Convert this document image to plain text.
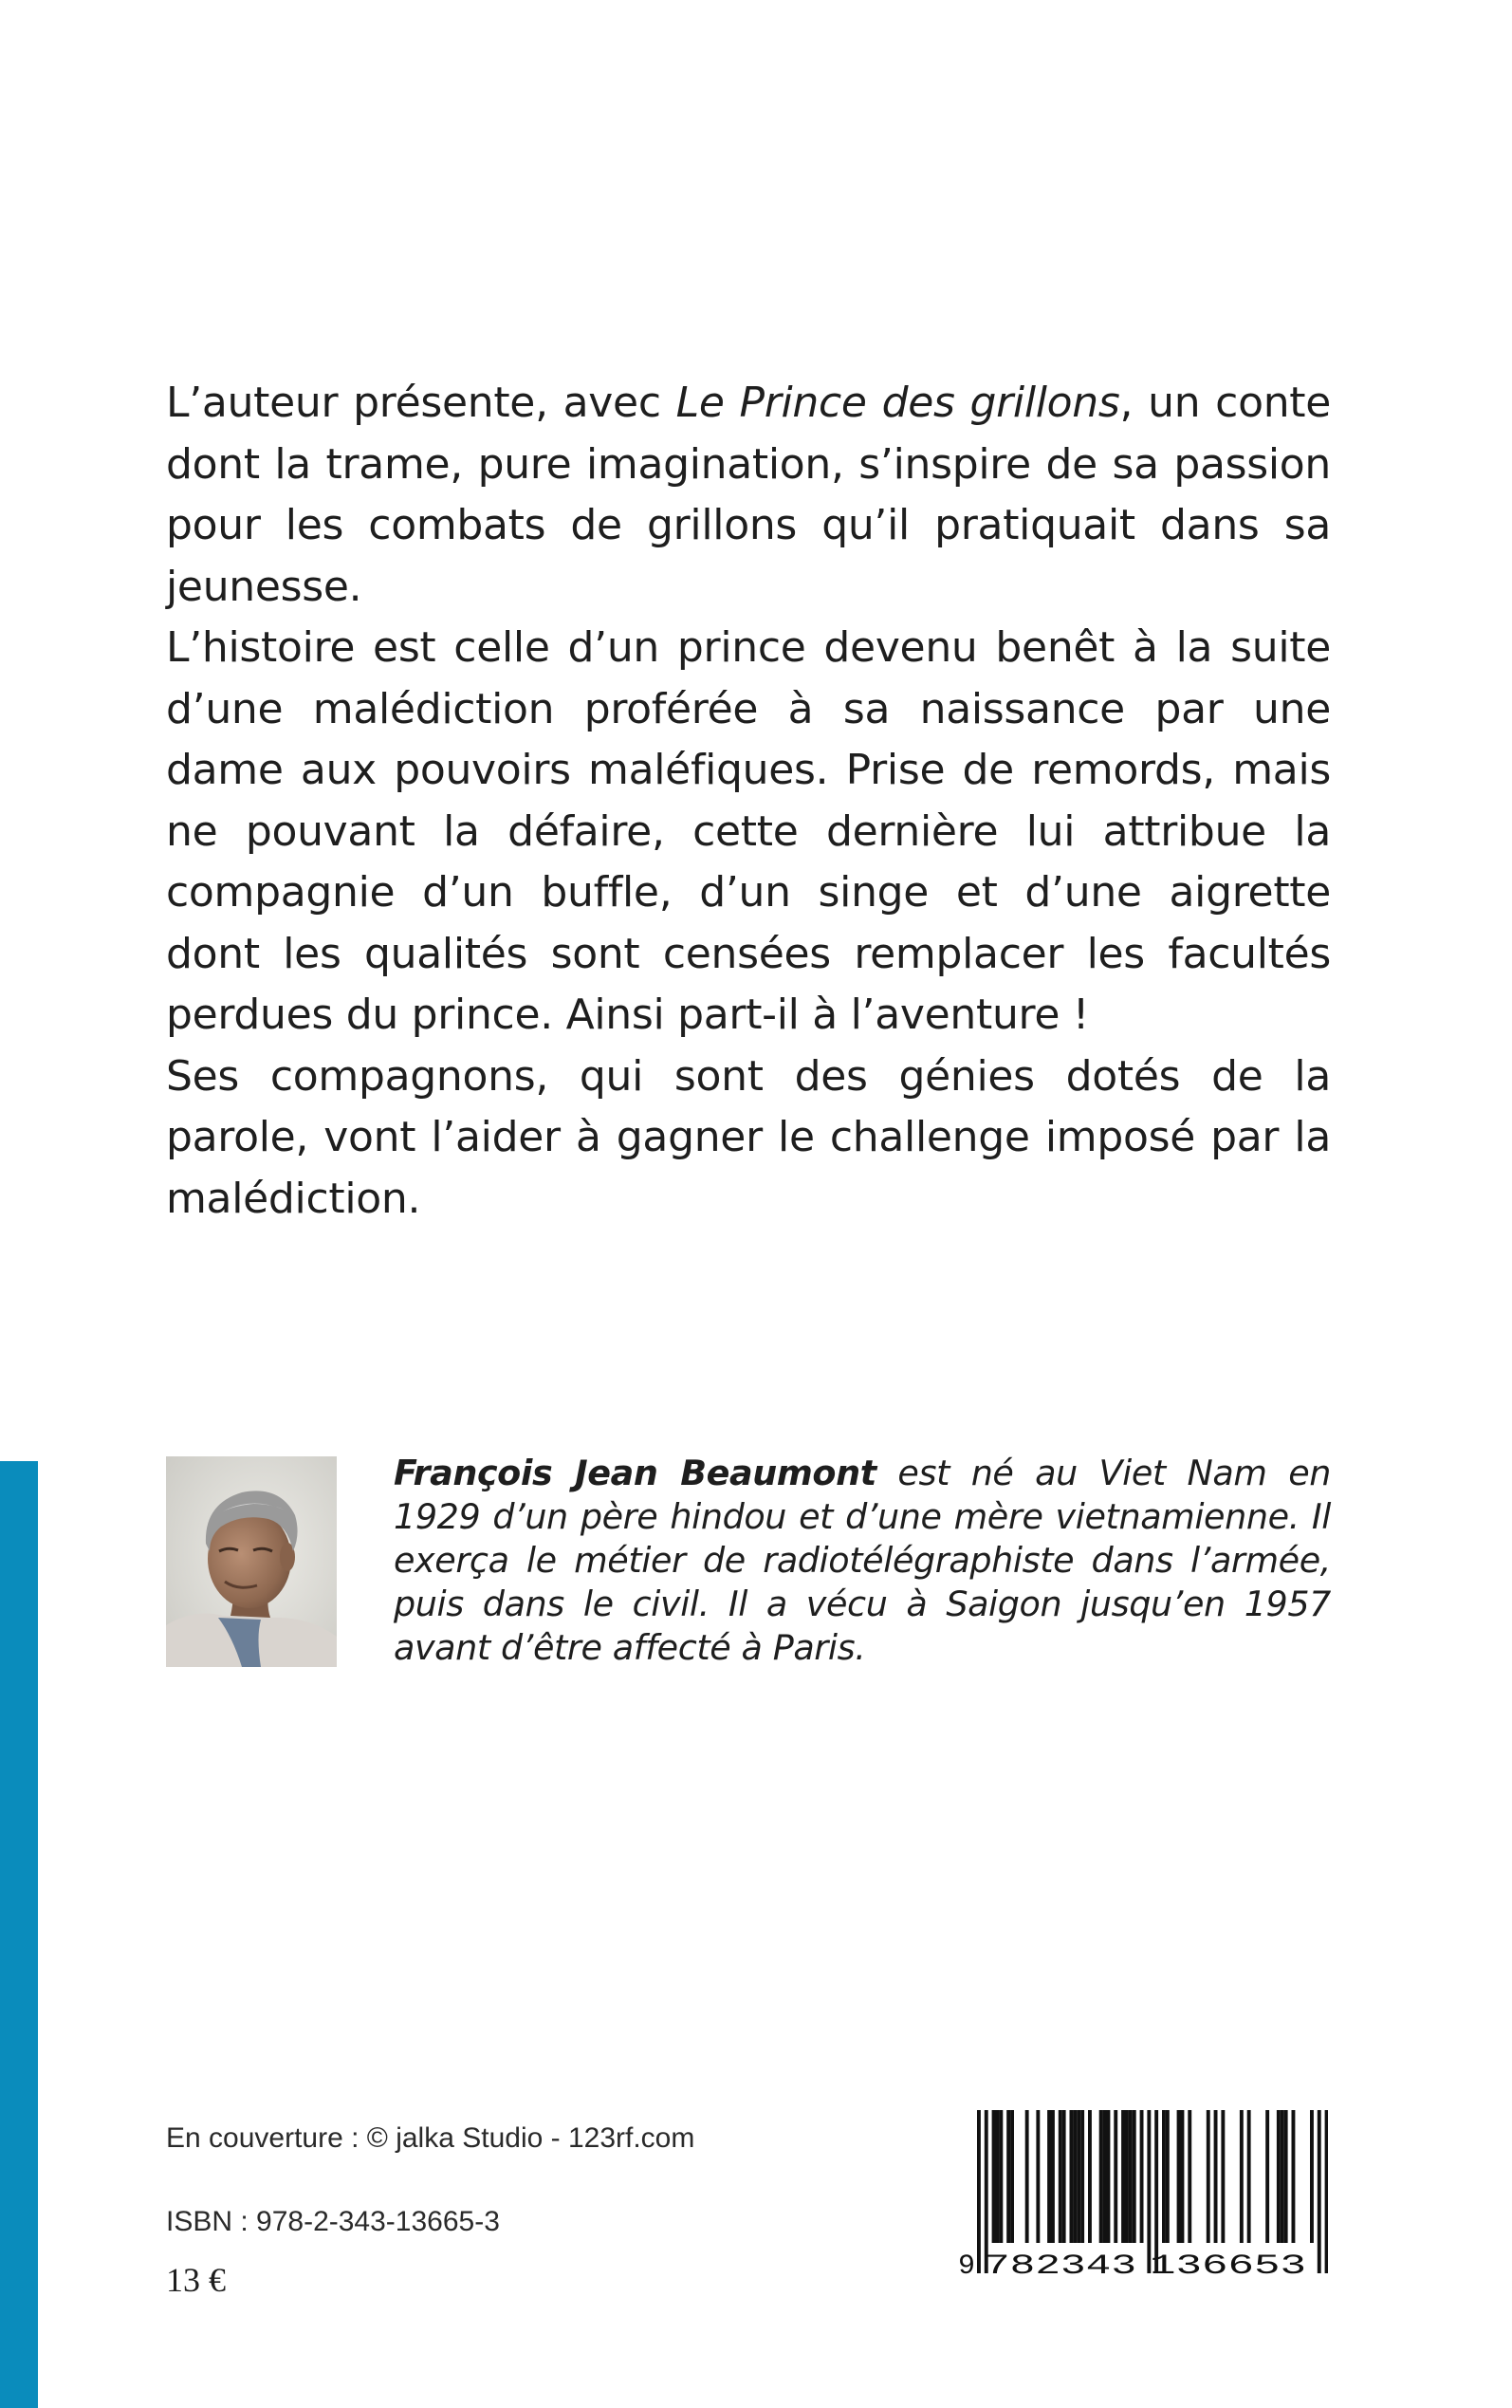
L’auteur présente, avec Le Prince des grillons, un conte dont la trame, pure imagination, s’inspire de sa passion pour les combats de grillons qu’il pratiquait dans sa jeunesse.

L’histoire est celle d’un prince devenu benêt à la suite d’une malédiction proférée à sa naissance par une dame aux pouvoirs maléfiques. Prise de remords, mais ne pouvant la défaire, cette dernière lui attribue la compagnie d’un buffle, d’un singe et d’une aigrette dont les qualités sont censées remplacer les facultés perdues du prince. Ainsi part-il à l’aventure !

Ses compagnons, qui sont des génies dotés de la parole, vont l’aider à gagner le challenge imposé par la malédiction.

François Jean Beaumont est né au Viet Nam en 1929 d’un père hindou et d’une mère vietnamienne. Il exerça le métier de radiotélégraphiste dans l’armée, puis dans le civil. Il a vécu à Saigon jusqu’en 1957 avant d’être affecté à Paris.
En couverture : © jalka Studio - 123rf.com
ISBN : 978-2-343-13665-3
13 €	9 782343 136653
